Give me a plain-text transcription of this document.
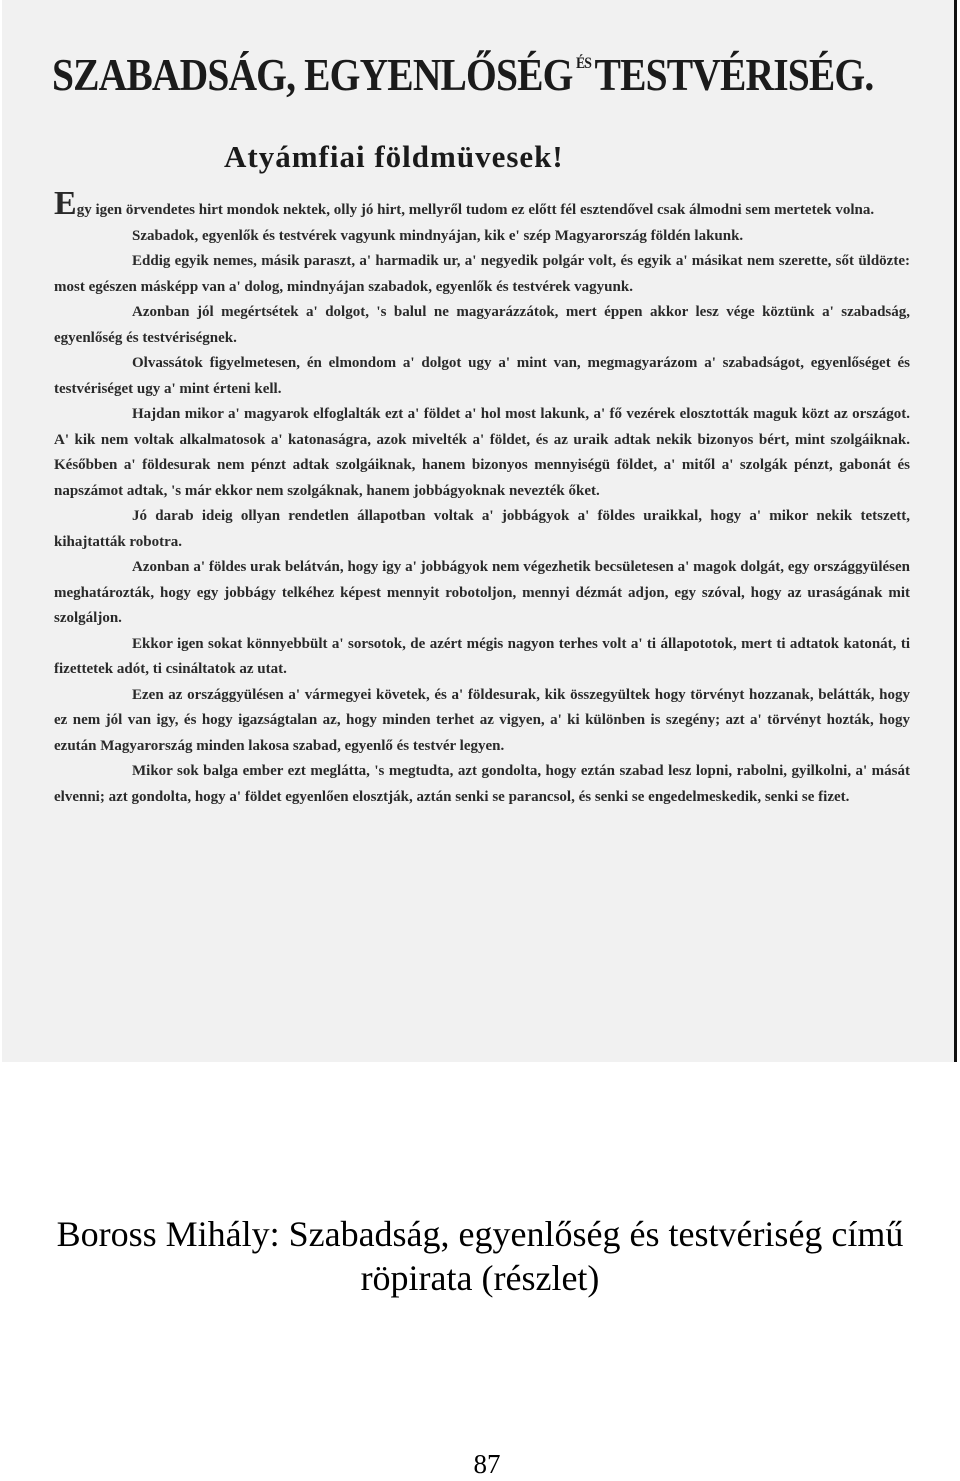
SZABADSÁG, EGYENLŐSÉG $^{ÉS}$TESTVÉRISÉG.
Atyámfiai földmüvesek!

Egy igen örvendetes hirt mondok nektek, olly jó hirt, mellyről tudom ez előtt fél esztendővel csak álmodni sem mertetek volna.

Szabadok, egyenlők és testvérek vagyunk mindnyájan, kik e' szép Magyarország földén lakunk.

Eddig egyik nemes, másik paraszt, a' harmadik ur, a' negyedik polgár volt, és egyik a' másikat nem szerette, sőt üldözte: most egészen másképp van a' dolog, mindnyájan szabadok, egyenlők és testvérek vagyunk.

Azonban jól megértsétek a' dolgot, 's balul ne magyarázzátok, mert éppen akkor lesz vége köztünk a' szabadság, egyenlőség és testvériségnek.

Olvassátok figyelmetesen, én elmondom a' dolgot ugy a' mint van, megmagyarázom a' szabadságot, egyenlőséget és testvériséget ugy a' mint érteni kell.

Hajdan mikor a' magyarok elfoglalták ezt a' földet a' hol most lakunk, a' fő vezérek elosztották maguk közt az országot. A' kik nem voltak alkalmatosok a' katonaságra, azok mivelték a' földet, és az uraik adtak nekik bizonyos bért, mint szolgáiknak. Későbben a' földesurak nem pénzt adtak szolgáiknak, hanem bizonyos mennyiségü földet, a' mitől a' szolgák pénzt, gabonát és napszámot adtak, 's már ekkor nem szolgáknak, hanem jobbágyoknak nevezték őket.

Jó darab ideig ollyan rendetlen állapotban voltak a' jobbágyok a' földes uraikkal, hogy a' mikor nekik tetszett, kihajtatták robotra.

Azonban a' földes urak belátván, hogy igy a' jobbágyok nem végezhetik becsületesen a' magok dolgát, egy országgyülésen meghatározták, hogy egy jobbágy telkéhez képest mennyit robotoljon, mennyi dézmát adjon, egy szóval, hogy az uraságának mit szolgáljon.

Ekkor igen sokat könnyebbült a' sorsotok, de azért mégis nagyon terhes volt a' ti állapototok, mert ti adtatok katonát, ti fizettetek adót, ti csináltatok az utat.

Ezen az országgyülésen a' vármegyei követek, és a' földesurak, kik összegyültek hogy törvényt hozzanak, belátták, hogy ez nem jól van igy, és hogy igazságtalan az, hogy minden terhet az vigyen, a' ki különben is szegény; azt a' törvényt hozták, hogy ezután Magyarország minden lakosa szabad, egyenlő és testvér legyen.

Mikor sok balga ember ezt meglátta, 's megtudta, azt gondolta, hogy eztán szabad lesz lopni, rabolni, gyilkolni, a' mását elvenni; azt gondolta, hogy a' földet egyenlően elosztják, aztán senki se parancsol, és senki se engedelmeskedik, senki se fizet.

Boross Mihály: Szabadság, egyenlőség és testvériség című
röpirata (részlet)
87
